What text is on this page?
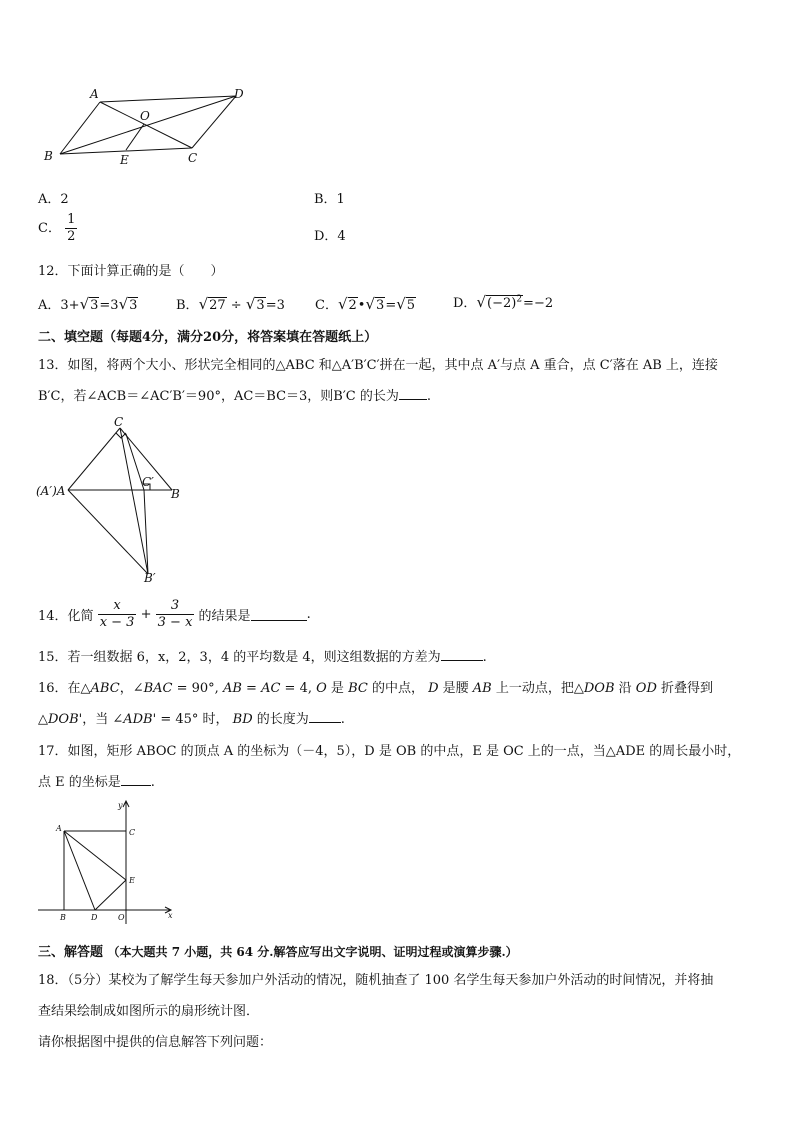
A	D
O
B	E	C
A．2	B．1
C． $\frac{1}{2}$	D．4
12．下面计算正确的是（　　）
A．3+√3=3√3	B．√27 ÷ √3=3 C．√2•√3=√5	D．$√(-2)^2=-2$
二、填空题（每题4分，满分20分，将答案填在答题纸上）
13．如图，将两个大小、形状完全相同的△ABC 和△A′B′C′拼在一起，其中点 A′与点 A 重合，点 C′落在 AB 上，连接
B′C，若∠ACB＝∠AC′B′＝90°，AC＝BC＝3，则B′C 的长为 .
C
C′
(A′)A	B
B′
14．化简 $\frac{x}{x - 3} + \frac{3}{3 - x}$ 的结果是	.
15．若一组数据 6，x，2，3，4 的平均数是 4，则这组数据的方差为	.
16．在△ABC，∠BAC = 90°, AB = AC = 4, O 是 BC 的中点， D 是腰 AB 上一动点，把△DOB 沿 OD 折叠得到
△DOB'，当 ∠ADB' = 45° 时， BD 的长度为 .
17．如图，矩形 ABOC 的顶点 A 的坐标为（－4，5），D 是 OB 的中点，E 是 OC 上的一点，当△ADE 的周长最小时，
点 E 的坐标是 .
y
A	C
E
B	D	O	x
三、解答题 （本大题共 7 小题，共 64 分.解答应写出文字说明、证明过程或演算步骤.）
18．（5分）某校为了解学生每天参加户外活动的情况，随机抽查了 100 名学生每天参加户外活动的时间情况，并将抽
查结果绘制成如图所示的扇形统计图．
请你根据图中提供的信息解答下列问题：
